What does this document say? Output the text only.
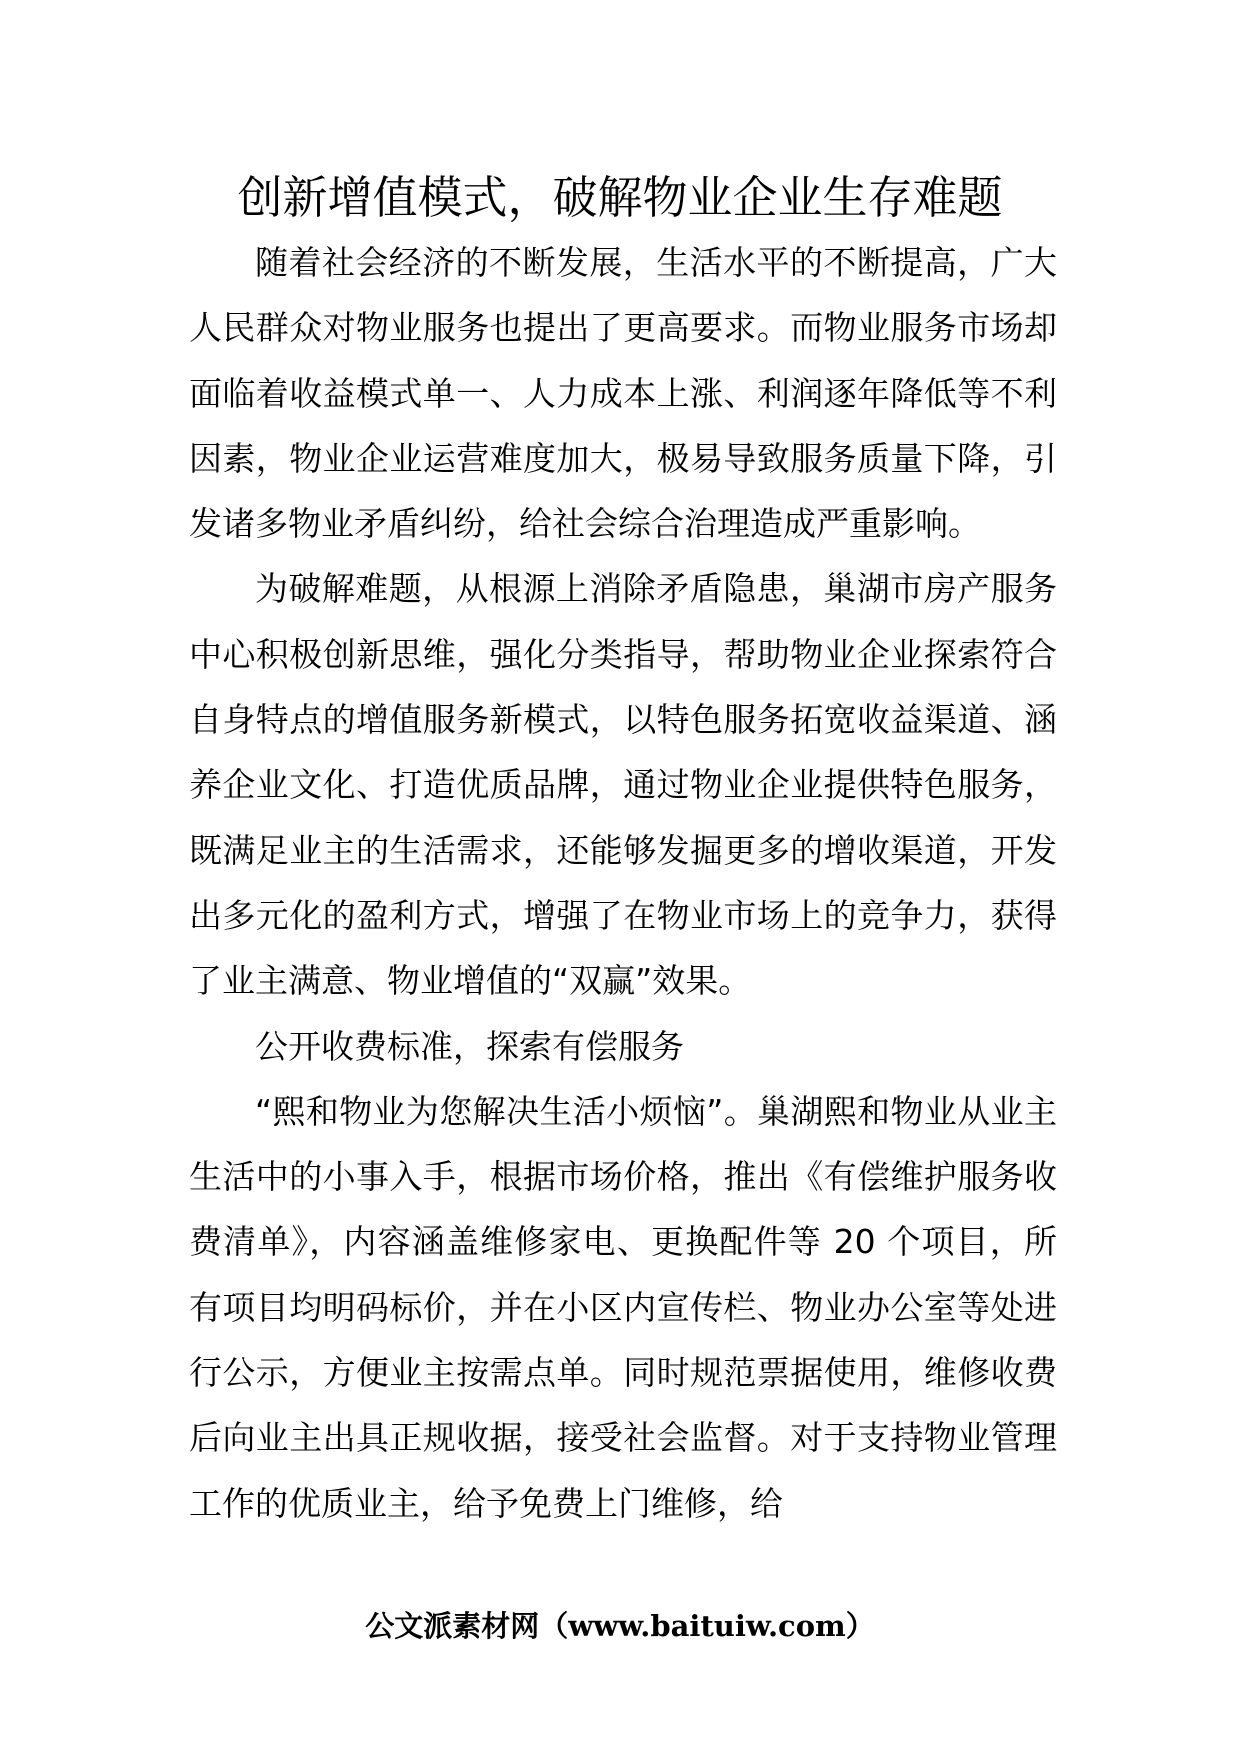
创新增值模式，破解物业企业生存难题

随着社会经济的不断发展，生活水平的不断提高，广大人民群众对物业服务也提出了更高要求。而物业服务市场却面临着收益模式单一、人力成本上涨、利润逐年降低等不利因素，物业企业运营难度加大，极易导致服务质量下降，引发诸多物业矛盾纠纷，给社会综合治理造成严重影响。

为破解难题，从根源上消除矛盾隐患，巢湖市房产服务中心积极创新思维，强化分类指导，帮助物业企业探索符合自身特点的增值服务新模式，以特色服务拓宽收益渠道、涵养企业文化、打造优质品牌，通过物业企业提供特色服务，既满足业主的生活需求，还能够发掘更多的增收渠道，开发出多元化的盈利方式，增强了在物业市场上的竞争力，获得了业主满意、物业增值的“双赢”效果。

公开收费标准，探索有偿服务

“熙和物业为您解决生活小烦恼”。巢湖熙和物业从业主生活中的小事入手，根据市场价格，推出《有偿维护服务收费清单》，内容涵盖维修家电、更换配件等 20 个项目，所有项目均明码标价，并在小区内宣传栏、物业办公室等处进行公示，方便业主按需点单。同时规范票据使用，维修收费后向业主出具正规收据，接受社会监督。对于支持物业管理工作的优质业主，给予免费上门维修，给

公文派素材网（www.baituiw.com）
